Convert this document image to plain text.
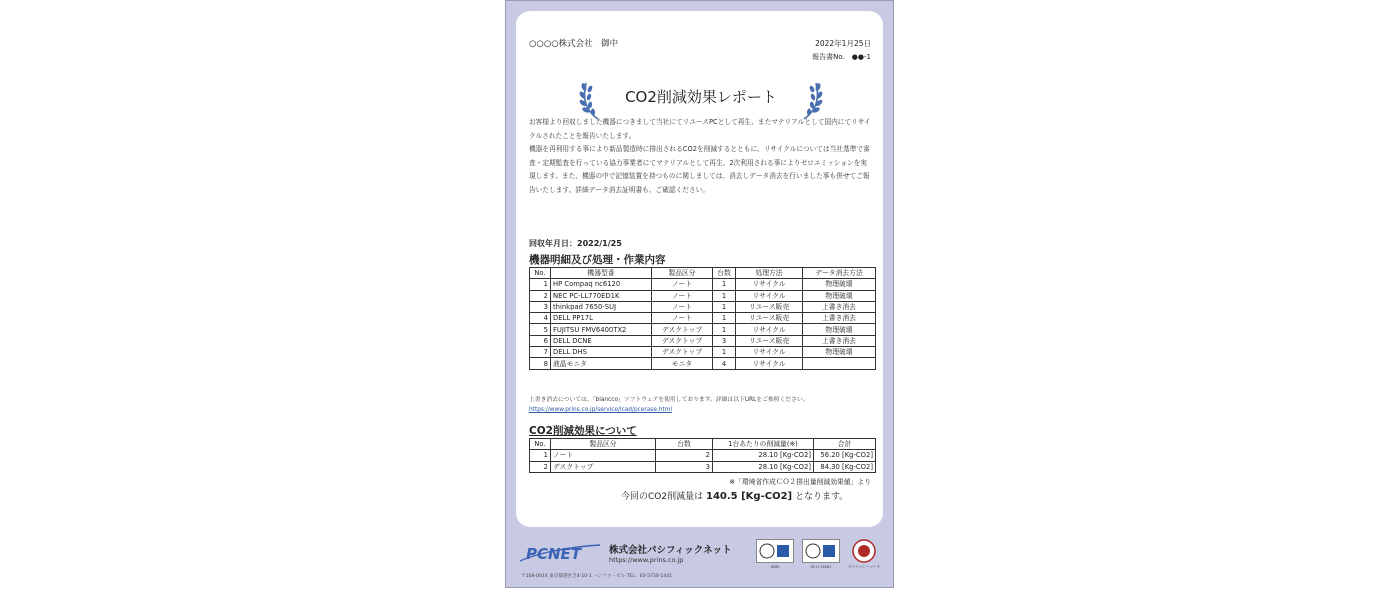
○○○○株式会社　御中	2022年1月25日
報告書No.　●●-1
CO2削減効果レポート

お客様より回収しました機器につきまして当社にてリユースPCとして再生、またマテリアルとして国内にてリサイクルされたことを報告いたします。

機器を再利用する事により新品製造時に排出されるCO2を削減するとともに、リサイクルについては当社基準で審査・定期監査を行っている協力事業者にてマテリアルとして再生、2次利用される事によりゼロエミッションを実現します。また、機器の中で記憶装置を持つものに関しましては、消去しデータ消去を行いました事も併せてご報告いたします。詳細データ消去証明書も、ご確認ください。

回収年月日：2022/1/25
機器明細及び処理・作業内容
No.	機器型番	製品区分	台数	処理方法	データ消去方法
1	HP Compaq nc6120	ノート	1	リサイクル	物理破壊
2	NEC PC-LL770ED1K	ノート	1	リサイクル	物理破壊
3	thinkpad 7650-SUJ	ノート	1	リユース販売	上書き消去
4	DELL PP17L	ノート	1	リユース販売	上書き消去
5	FUJITSU FMV6400TX2	デスクトップ	1	リサイクル	物理破壊
6	DELL DCNE	デスクトップ	3	リユース販売	上書き消去
7	DELL DHS	デスクトップ	1	リサイクル	物理破壊
8	液晶モニタ	モニタ	4	リサイクル	
上書き消去については、「blancco」ソフトウェアを使用しております。詳細は以下URLをご参照ください。
https://www.prins.co.jp/service/lcad/pcerase.html
CO2削減効果について
No.	製品区分	台数	1台あたりの削減量(※)	合計
1	ノート	2	28.10 [Kg-CO2]	56.20 [Kg-CO2]
2	デスクトップ	3	28.10 [Kg-CO2]	84.30 [Kg-CO2]
※「環境省作成ＣＯ２排出量削減効果値」より
今回のCO2削減量は 140.5 [Kg-CO2] となります。
PCNET	株式会社パシフィックネット
https://www.prins.co.jp
〒108-0014 東京都港区芝4-10-1 ハンファ・ビル TEL：03-5730-1441
ISMS	JIS Q 15001	プライバシーマーク
